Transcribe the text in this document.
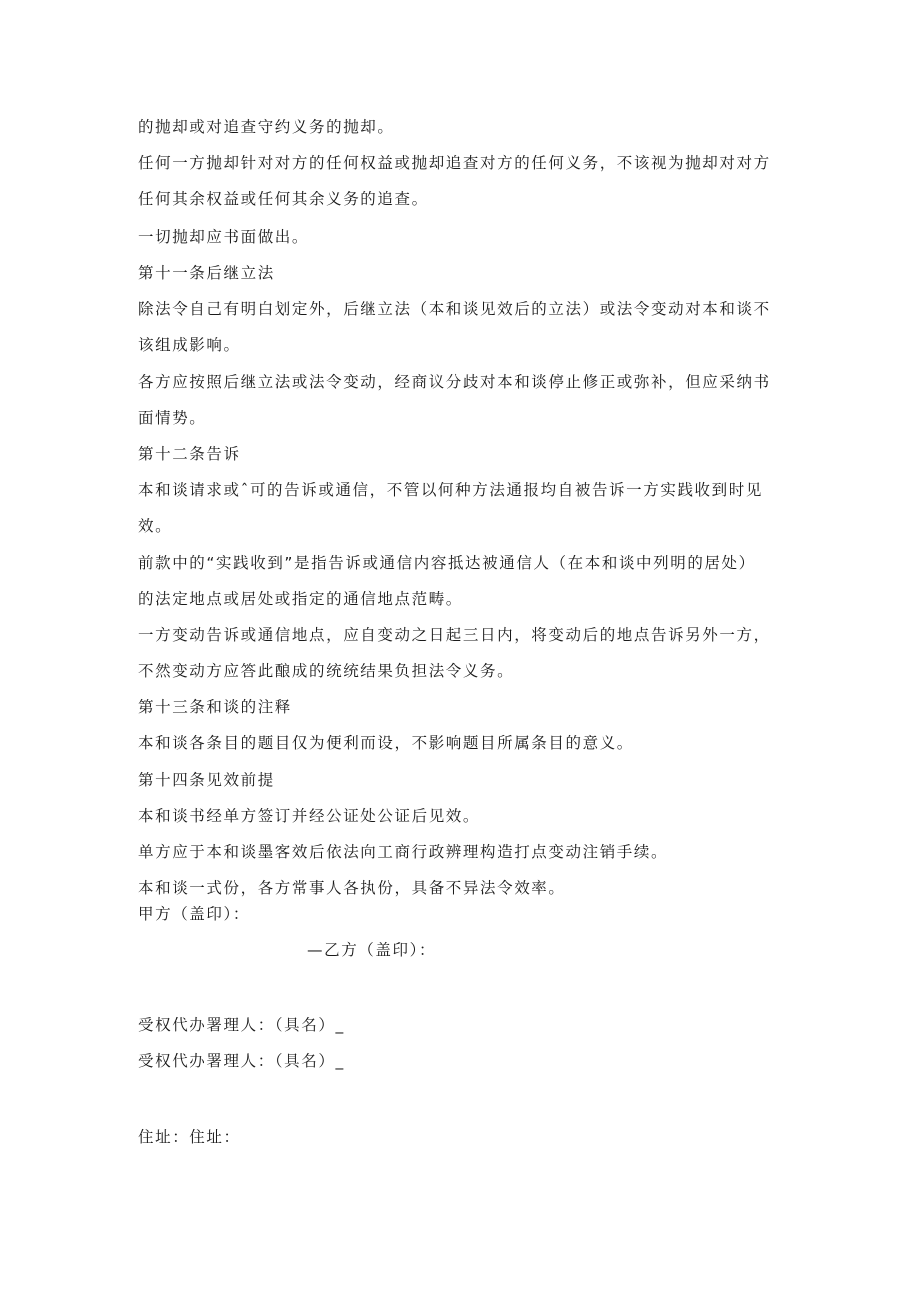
的抛却或对追查守约义务的抛却。
任何一方抛却针对对方的任何权益或抛却追查对方的任何义务，不该视为抛却对对方
任何其余权益或任何其余义务的追查。
一切抛却应书面做出。
第十一条后继立法
除法令自己有明白划定外，后继立法（本和谈见效后的立法）或法令变动对本和谈不
该组成影响。
各方应按照后继立法或法令变动，经商议分歧对本和谈停止修正或弥补，但应采纳书
面情势。
第十二条告诉
本和谈请求或ˆ可的告诉或通信，不管以何种方法通报均自被告诉一方实践收到时见
效。
前款中的“实践收到”是指告诉或通信内容抵达被通信人（在本和谈中列明的居处）
的法定地点或居处或指定的通信地点范畴。
一方变动告诉或通信地点，应自变动之日起三日内，将变动后的地点告诉另外一方，
不然变动方应答此酿成的统统结果负担法令义务。
第十三条和谈的注释
本和谈各条目的题目仅为便利而设，不影响题目所属条目的意义。
第十四条见效前提
本和谈书经单方签订并经公证处公证后见效。
单方应于本和谈墨客效后依法向工商行政辨理构造打点变动注销手续。
本和谈一式份，各方常事人各执份，具备不异法令效率。
甲方（盖印）：
—乙方（盖印）：
受权代办署理人：（具名）_
受权代办署理人：（具名）_
住址：住址：
